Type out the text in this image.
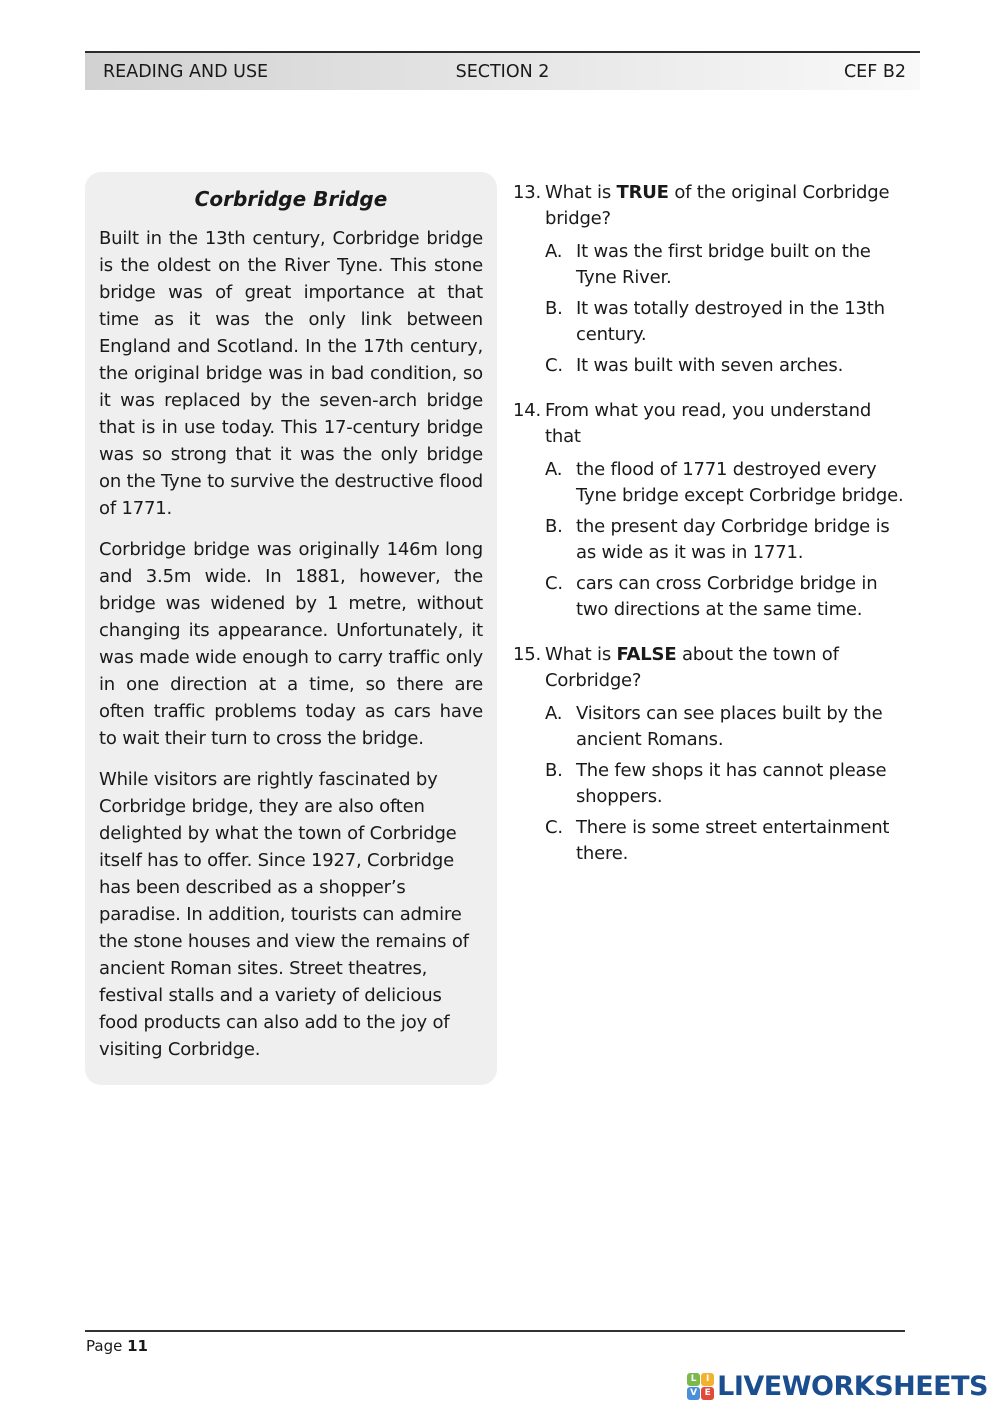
READING AND USE	SECTION 2	CEF B2
Corbridge Bridge

Built in the 13th century, Corbridge bridge is the oldest on the River Tyne. This stone bridge was of great importance at that time as it was the only link between England and Scotland. In the 17th century, the original bridge was in bad condition, so it was replaced by the seven-arch bridge that is in use today. This 17-century bridge was so strong that it was the only bridge on the Tyne to survive the destructive flood of 1771.

Corbridge bridge was originally 146m long and 3.5m wide. In 1881, however, the bridge was widened by 1 metre, without changing its appearance. Unfortunately, it was made wide enough to carry traffic only in one direction at a time, so there are often traffic problems today as cars have to wait their turn to cross the bridge.

While visitors are rightly fascinated by Corbridge bridge, they are also often delighted by what the town of Corbridge itself has to offer. Since 1927, Corbridge has been described as a shopper’s paradise. In addition, tourists can admire the stone houses and view the remains of ancient Roman sites. Street theatres, festival stalls and a variety of delicious food products can also add to the joy of visiting Corbridge.

13. What is TRUE of the original Corbridge bridge?
A. It was the first bridge built on the Tyne River.
B. It was totally destroyed in the 13th century.
C. It was built with seven arches.
14. From what you read, you understand that
A. the flood of 1771 destroyed every Tyne bridge except Corbridge bridge.
B. the present day Corbridge bridge is as wide as it was in 1771.
C. cars can cross Corbridge bridge in two directions at the same time.
15. What is FALSE about the town of Corbridge?
A. Visitors can see places built by the ancient Romans.
B. The few shops it has cannot please shoppers.
C. There is some street entertainment there.
Page 11
L	I
V E LIVEWORKSHEETS
